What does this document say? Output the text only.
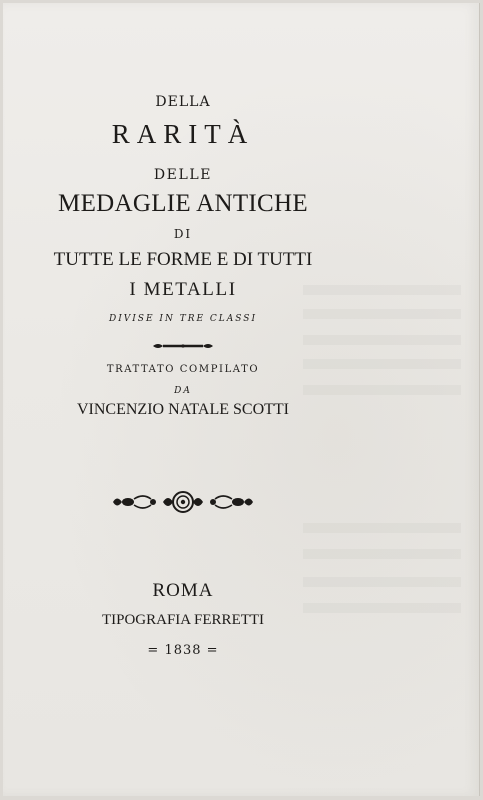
DELLA
RARITÀ
DELLE
MEDAGLIE ANTICHE
DI
TUTTE LE FORME E DI TUTTI
I METALLI
DIVISE IN TRE CLASSI
TRATTATO COMPILATO
DA
VINCENZIO NATALE SCOTTI
ROMA
TIPOGRAFIA FERRETTI
= 1838 =
